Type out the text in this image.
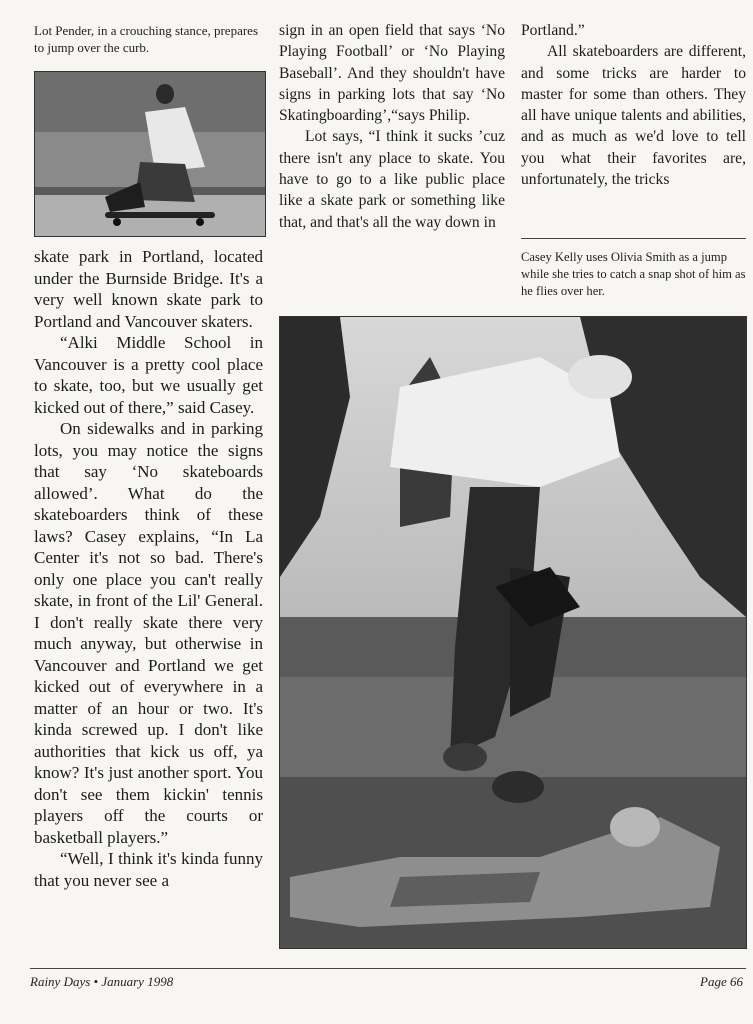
Lot Pender, in a crouching stance, prepares to jump over the curb.

skate park in Portland, located under the Burnside Bridge. It's a very well known skate park to Portland and Vancouver skaters.

“Alki Middle School in Vancouver is a pretty cool place to skate, too, but we usually get kicked out of there,” said Casey.

On sidewalks and in parking lots, you may notice the signs that say ‘No skateboards allowed’. What do the skateboarders think of these laws? Casey explains, “In La Center it's not so bad. There's only one place you can't really skate, in front of the Lil' General. I don't really skate there very much anyway, but otherwise in Vancouver and Portland we get kicked out of everywhere in a matter of an hour or two. It's kinda screwed up. I don't like authorities that kick us off, ya know? It's just another sport. You don't see them kickin' tennis players off the courts or basketball players.”

“Well, I think it's kinda funny that you never see a

sign in an open field that says ‘No Playing Football’ or ‘No Playing Baseball’. And they shouldn't have signs in parking lots that say ‘No Skatingboarding’,“says Philip.

Lot says, “I think it sucks ’cuz there isn't any place to skate. You have to go to a like public place like a skate park or something like that, and that's all the way down in

Portland.”

All skateboarders are different, and some tricks are harder to master for some than others. They all have unique talents and abilities, and as much as we'd love to tell you what their favorites are, unfortunately, the tricks

Casey Kelly uses Olivia Smith as a jump while she tries to catch a snap shot of him as he flies over her.
Rainy Days • January 1998	Page 66
